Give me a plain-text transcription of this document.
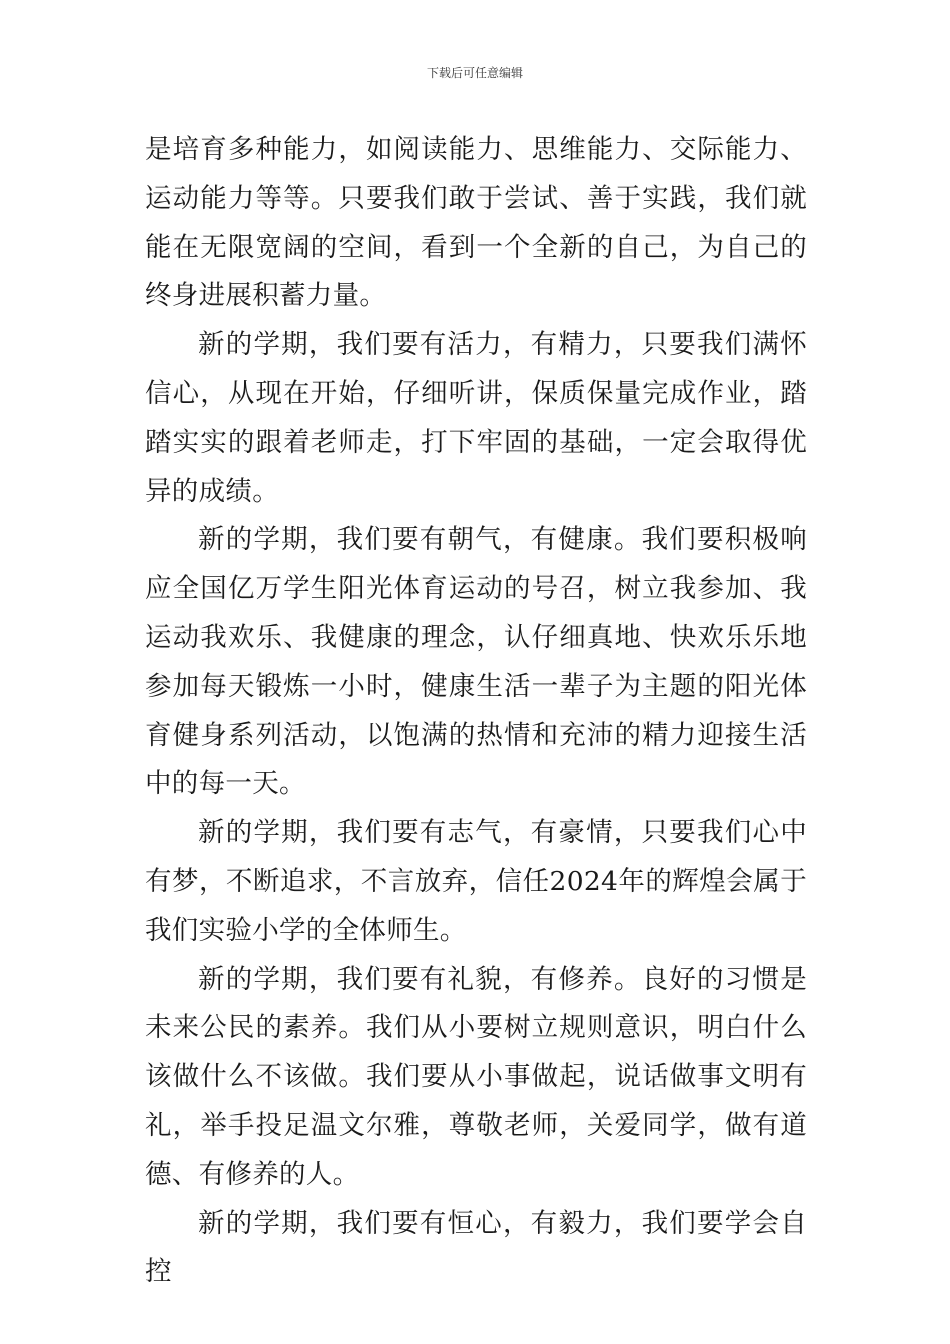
下载后可任意编辑

是培育多种能力，如阅读能力、思维能力、交际能力、运动能力等等。只要我们敢于尝试、善于实践，我们就能在无限宽阔的空间，看到一个全新的自己，为自己的终身进展积蓄力量。

新的学期，我们要有活力，有精力，只要我们满怀信心，从现在开始，仔细听讲，保质保量完成作业，踏踏实实的跟着老师走，打下牢固的基础，一定会取得优异的成绩。

新的学期，我们要有朝气，有健康。我们要积极响应全国亿万学生阳光体育运动的号召，树立我参加、我运动我欢乐、我健康的理念，认仔细真地、快欢乐乐地参加每天锻炼一小时，健康生活一辈子为主题的阳光体育健身系列活动，以饱满的热情和充沛的精力迎接生活中的每一天。

新的学期，我们要有志气，有豪情，只要我们心中有梦，不断追求，不言放弃，信任2024年的辉煌会属于我们实验小学的全体师生。

新的学期，我们要有礼貌，有修养。良好的习惯是未来公民的素养。我们从小要树立规则意识，明白什么该做什么不该做。我们要从小事做起，说话做事文明有礼，举手投足温文尔雅，尊敬老师，关爱同学，做有道德、有修养的人。

新的学期，我们要有恒心，有毅力，我们要学会自控
